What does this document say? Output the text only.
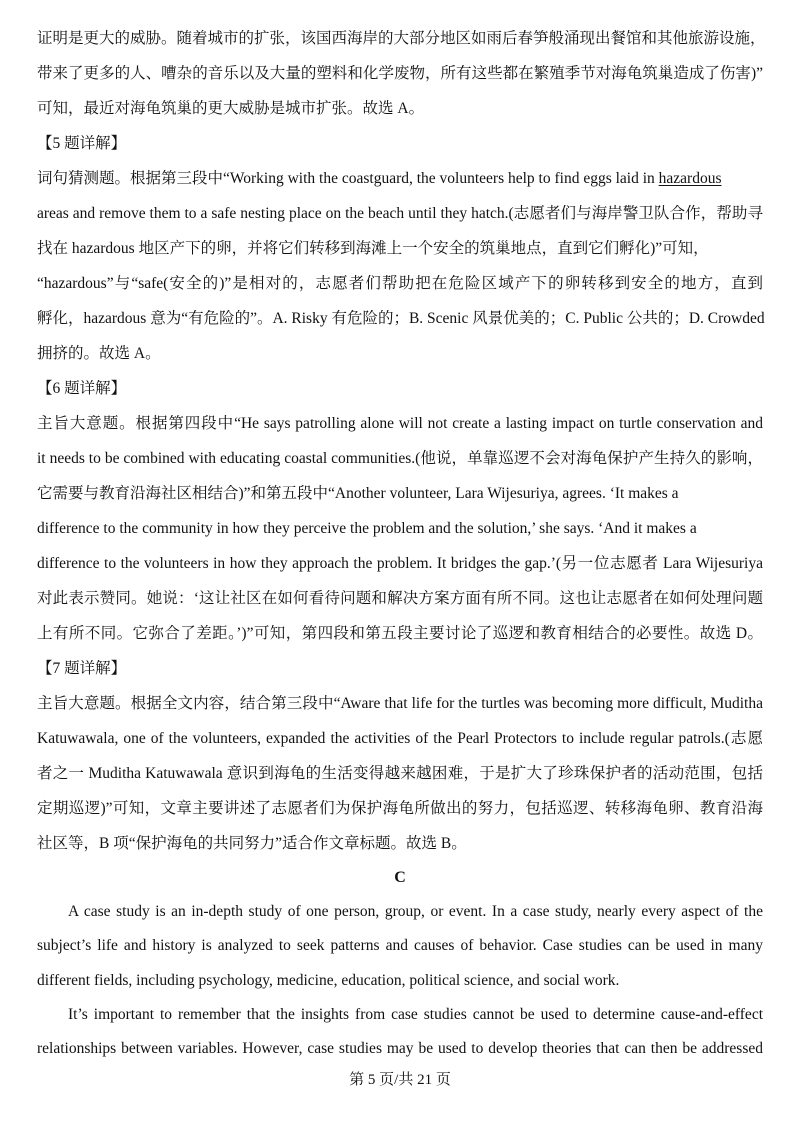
证明是更大的威胁。随着城市的扩张，该国西海岸的大部分地区如雨后春笋般涌现出餐馆和其他旅游设施，
带来了更多的人、嘈杂的音乐以及大量的塑料和化学废物，所有这些都在繁殖季节对海龟筑巢造成了伤害)”
可知，最近对海龟筑巢的更大威胁是城市扩张。故选 A。
【5 题详解】
词句猜测题。根据第三段中“Working with the coastguard, the volunteers help to find eggs laid in hazardous
areas and remove them to a safe nesting place on the beach until they hatch.(志愿者们与海岸警卫队合作，帮助寻
找在 hazardous 地区产下的卵，并将它们转移到海滩上一个安全的筑巢地点，直到它们孵化)”可知，
“hazardous”与“safe(安全的)”是相对的，志愿者们帮助把在危险区域产下的卵转移到安全的地方，直到
孵化，hazardous 意为“有危险的”。A. Risky 有危险的；B. Scenic 风景优美的；C. Public 公共的；D. Crowded
拥挤的。故选 A。
【6 题详解】
主旨大意题。根据第四段中“He says patrolling alone will not create a lasting impact on turtle conservation and
it needs to be combined with educating coastal communities.(他说，单靠巡逻不会对海龟保护产生持久的影响，
它需要与教育沿海社区相结合)”和第五段中“Another volunteer, Lara Wijesuriya, agrees. ‘It makes a
difference to the community in how they perceive the problem and the solution,’ she says. ‘And it makes a
difference to the volunteers in how they approach the problem. It bridges the gap.’(另一位志愿者 Lara Wijesuriya
对此表示赞同。她说：‘这让社区在如何看待问题和解决方案方面有所不同。这也让志愿者在如何处理问题
上有所不同。它弥合了差距。’)”可知，第四段和第五段主要讨论了巡逻和教育相结合的必要性。故选 D。
【7 题详解】
主旨大意题。根据全文内容，结合第三段中“Aware that life for the turtles was becoming more difficult, Muditha
Katuwawala, one of the volunteers, expanded the activities of the Pearl Protectors to include regular patrols.(志愿
者之一 Muditha Katuwawala 意识到海龟的生活变得越来越困难，于是扩大了珍珠保护者的活动范围，包括
定期巡逻)”可知，文章主要讲述了志愿者们为保护海龟所做出的努力，包括巡逻、转移海龟卵、教育沿海
社区等，B 项“保护海龟的共同努力”适合作文章标题。故选 B。
C
A case study is an in-depth study of one person, group, or event. In a case study, nearly every aspect of the
subject’s life and history is analyzed to seek patterns and causes of behavior. Case studies can be used in many
different fields, including psychology, medicine, education, political science, and social work.
It’s important to remember that the insights from case studies cannot be used to determine cause-and-effect
relationships between variables. However, case studies may be used to develop theories that can then be addressed
第 5 页/共 21 页
